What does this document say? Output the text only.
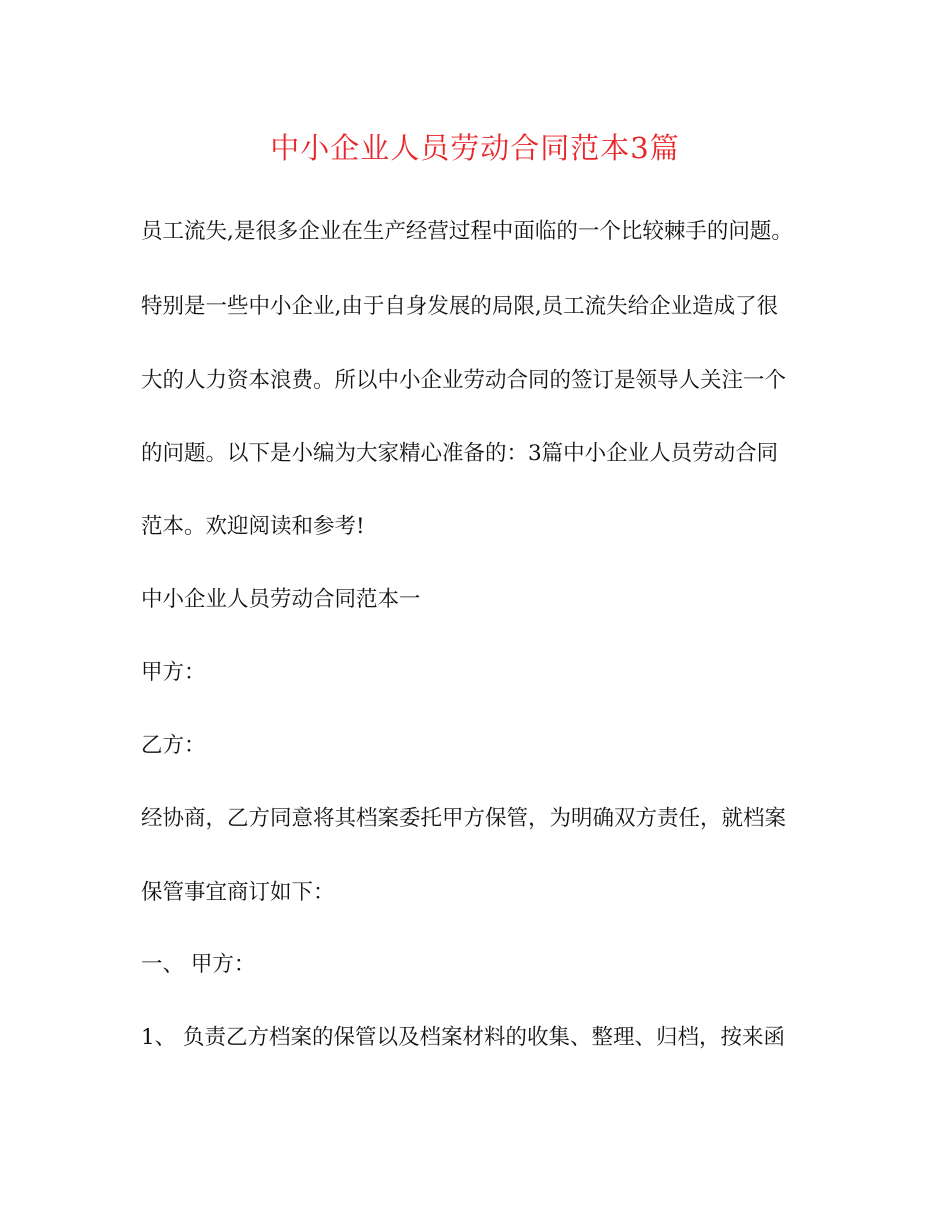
中小企业人员劳动合同范本3篇

员工流失,是很多企业在生产经营过程中面临的一个比较棘手的问题。

特别是一些中小企业,由于自身发展的局限,员工流失给企业造成了很

大的人力资本浪费。所以中小企业劳动合同的签订是领导人关注一个

的问题。以下是小编为大家精心准备的：3篇中小企业人员劳动合同

范本。欢迎阅读和参考!

中小企业人员劳动合同范本一

甲方：

乙方：

经协商，乙方同意将其档案委托甲方保管，为明确双方责任，就档案

保管事宜商订如下：

一、 甲方：

1、 负责乙方档案的保管以及档案材料的收集、整理、归档，按来函
